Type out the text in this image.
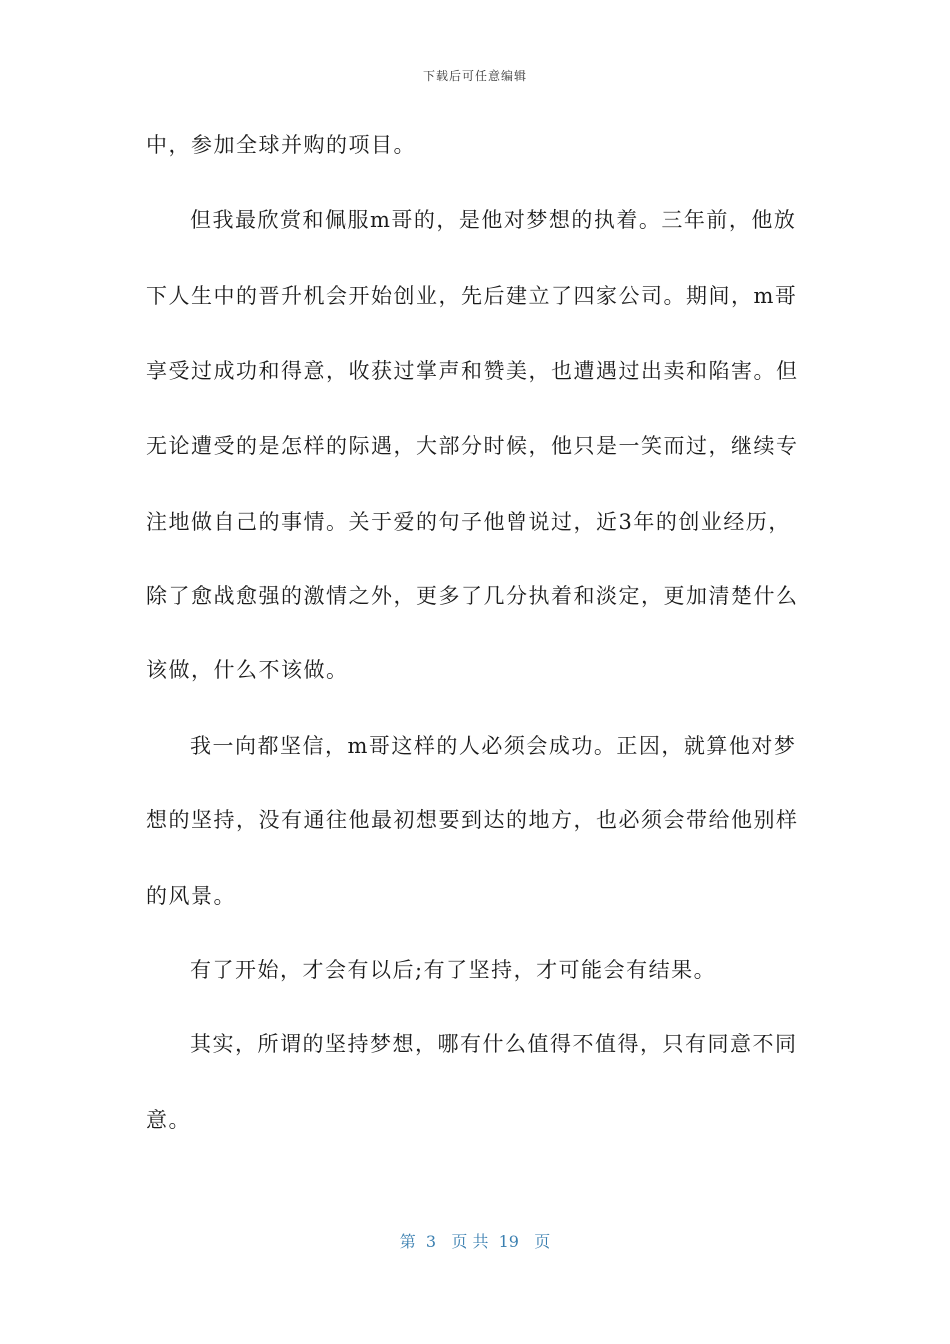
下载后可任意编辑
中，参加全球并购的项目。
但我最欣赏和佩服m哥的，是他对梦想的执着。三年前，他放
下人生中的晋升机会开始创业，先后建立了四家公司。期间，m哥
享受过成功和得意，收获过掌声和赞美，也遭遇过出卖和陷害。但
无论遭受的是怎样的际遇，大部分时候，他只是一笑而过，继续专
注地做自己的事情。关于爱的句子他曾说过，近3年的创业经历，
除了愈战愈强的激情之外，更多了几分执着和淡定，更加清楚什么
该做，什么不该做。
我一向都坚信，m哥这样的人必须会成功。正因，就算他对梦
想的坚持，没有通往他最初想要到达的地方，也必须会带给他别样
的风景。
有了开始，才会有以后;有了坚持，才可能会有结果。
其实，所谓的坚持梦想，哪有什么值得不值得，只有同意不同
意。
第  3   页 共  19   页
